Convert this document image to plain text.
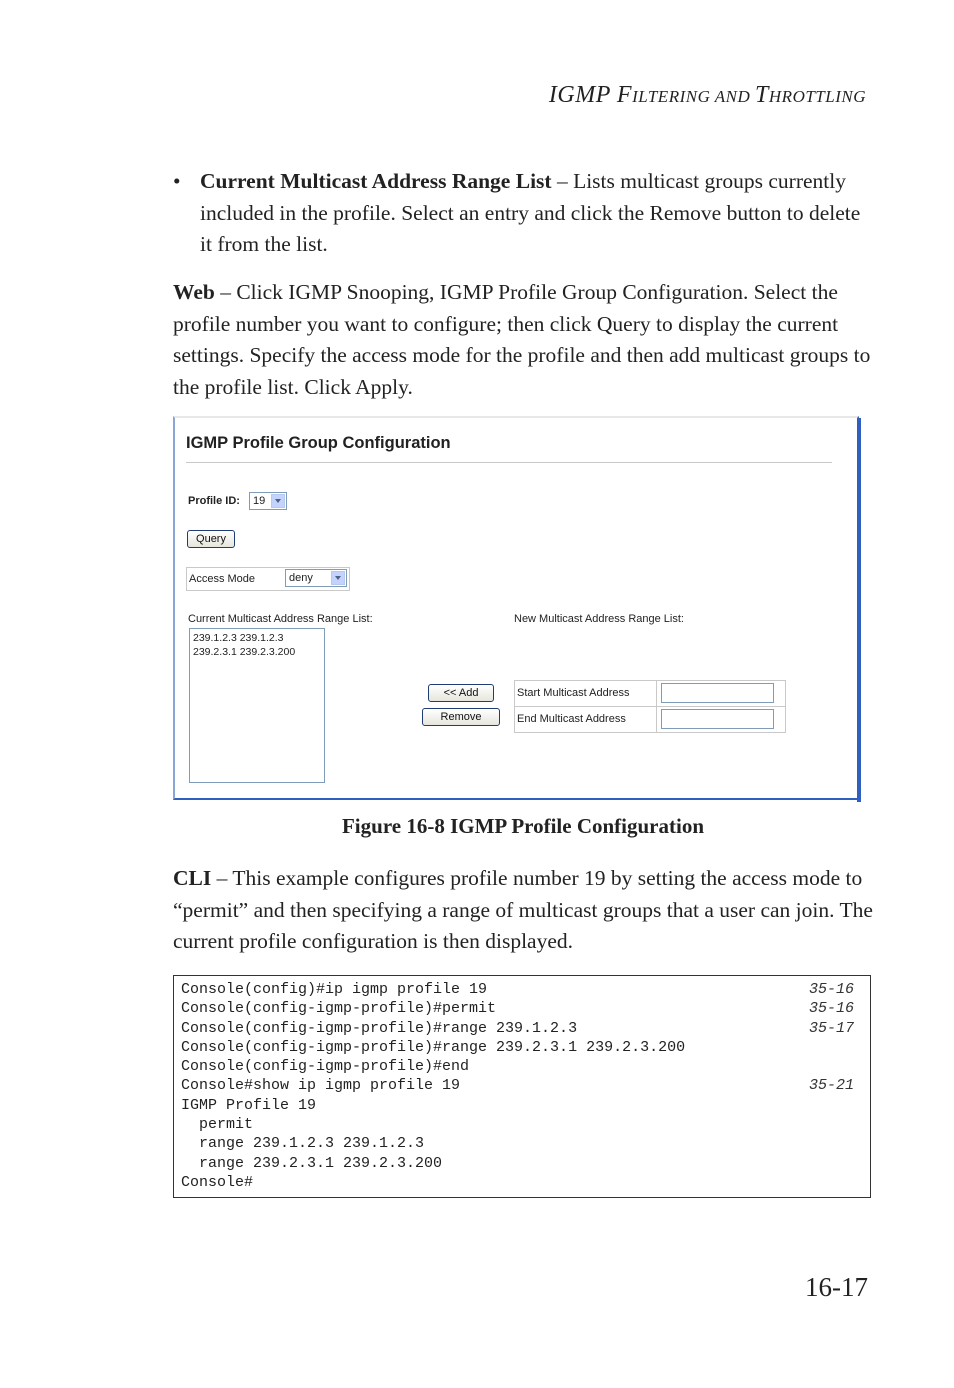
IGMP FILTERING AND THROTTLING
• Current Multicast Address Range List – Lists multicast groups currently included in the profile. Select an entry and click the Remove button to delete it from the list.
Web – Click IGMP Snooping, IGMP Profile Group Configuration. Select the profile number you want to configure; then click Query to display the current settings. Specify the access mode for the profile and then add multicast groups to the profile list. Click Apply.
IGMP Profile Group Configuration
Profile ID:	19
Query
Access Mode	deny
Current Multicast Address Range List:
239.1.2.3 239.1.2.3
239.2.3.1 239.2.3.200
New Multicast Address Range List:
<< Add
Remove
Start Multicast Address
End Multicast Address
Figure 16-8 IGMP Profile Configuration
CLI – This example configures profile number 19 by setting the access mode to “permit” and then specifying a range of multicast groups that a user can join. The current profile configuration is then displayed.
Console(config)#ip igmp profile 19	35-16
Console(config-igmp-profile)#permit	35-16
Console(config-igmp-profile)#range 239.1.2.3	35-17
Console(config-igmp-profile)#range 239.2.3.1 239.2.3.200
Console(config-igmp-profile)#end
Console#show ip igmp profile 19	35-21
IGMP Profile 19
permit
range 239.1.2.3 239.1.2.3
range 239.2.3.1 239.2.3.200
Console#
16-17
